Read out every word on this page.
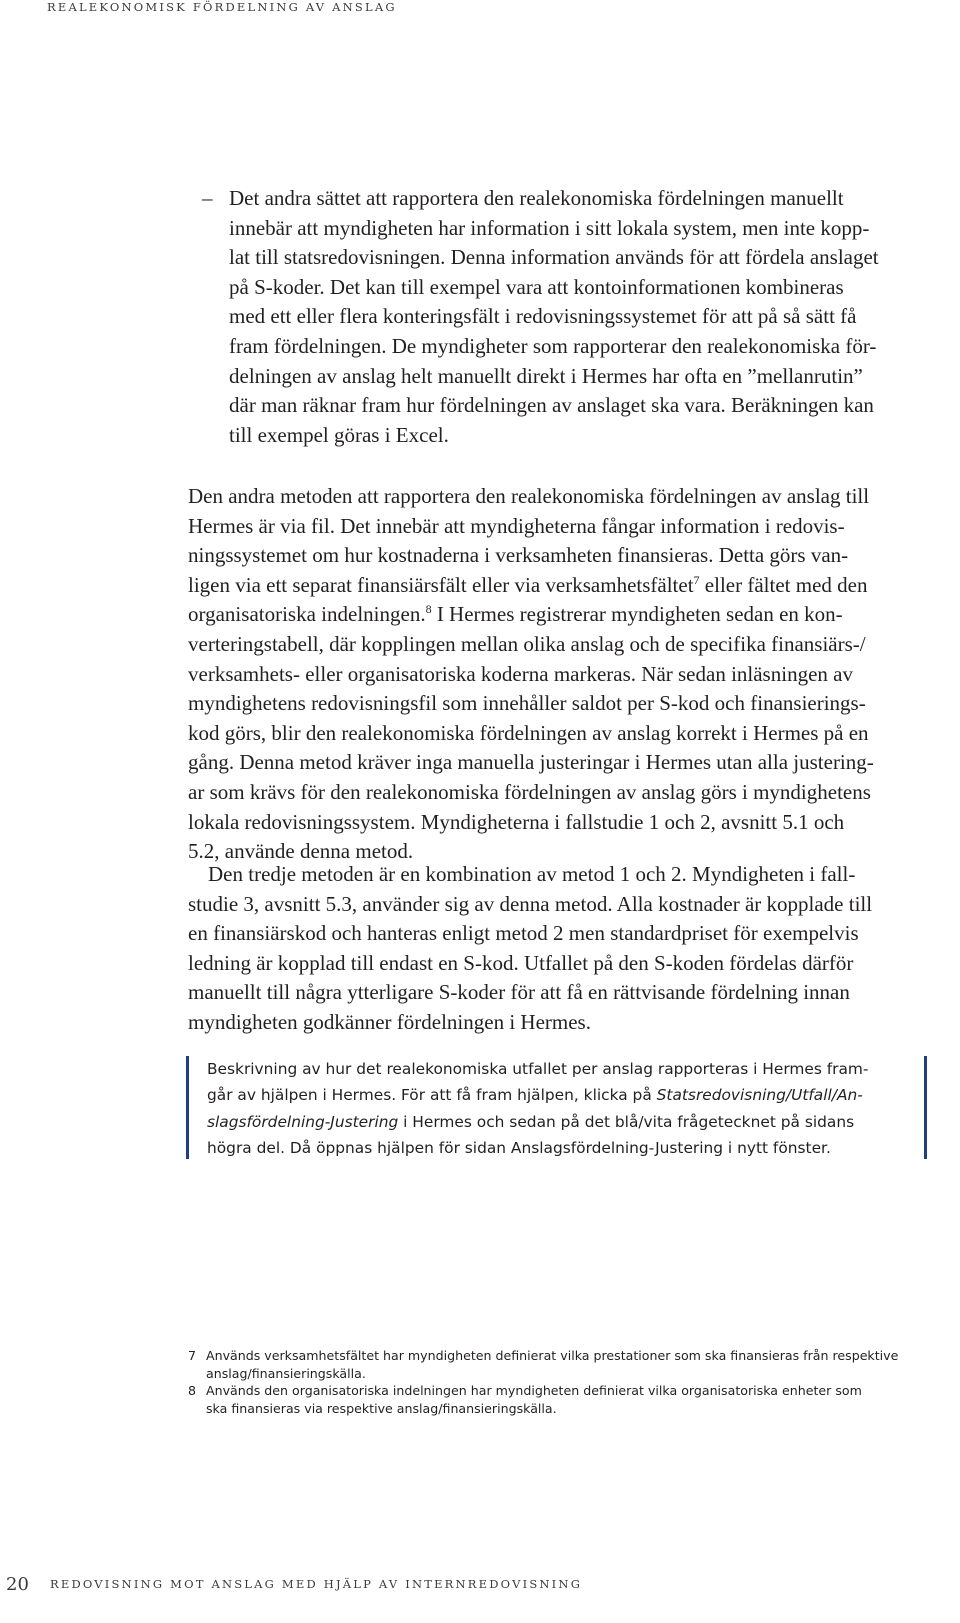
REALEKONOMISK FÖRDELNING AV ANSLAG
– Det andra sättet att rapportera den realekonomiska fördelningen manuellt
innebär att myndigheten har information i sitt lokala system, men inte kopp-
lat till statsredovisningen. Denna information används för att fördela anslaget
på S-koder. Det kan till exempel vara att kontoinformationen kombineras
med ett eller flera konteringsfält i redovisningssystemet för att på så sätt få
fram fördelningen. De myndigheter som rapporterar den realekonomiska för-
delningen av anslag helt manuellt direkt i Hermes har ofta en ”mellanrutin”
där man räknar fram hur fördelningen av anslaget ska vara. Beräkningen kan
till exempel göras i Excel.
Den andra metoden att rapportera den realekonomiska fördelningen av anslag till
Hermes är via fil. Det innebär att myndigheterna fångar information i redovis-
ningssystemet om hur kostnaderna i verksamheten finansieras. Detta görs van-
ligen via ett separat finansiärsfält eller via verksamhetsfältet$^7$ eller fältet med den
organisatoriska indelningen.$^8$ I Hermes registrerar myndigheten sedan en kon-
verteringstabell, där kopplingen mellan olika anslag och de specifika finansiärs-/
verksamhets- eller organisatoriska koderna markeras. När sedan inläsningen av
myndighetens redovisningsfil som innehåller saldot per S-kod och finansierings-
kod görs, blir den realekonomiska fördelningen av anslag korrekt i Hermes på en
gång. Denna metod kräver inga manuella justeringar i Hermes utan alla justering-
ar som krävs för den realekonomiska fördelningen av anslag görs i myndighetens
lokala redovisningssystem. Myndigheterna i fallstudie 1 och 2, avsnitt 5.1 och
5.2, använde denna metod.
Den tredje metoden är en kombination av metod 1 och 2. Myndigheten i fall-
studie 3, avsnitt 5.3, använder sig av denna metod. Alla kostnader är kopplade till
en finansiärskod och hanteras enligt metod 2 men standardpriset för exempelvis
ledning är kopplad till endast en S-kod. Utfallet på den S-koden fördelas därför
manuellt till några ytterligare S-koder för att få en rättvisande fördelning innan
myndigheten godkänner fördelningen i Hermes.
Beskrivning av hur det realekonomiska utfallet per anslag rapporteras i Hermes fram-
går av hjälpen i Hermes. För att få fram hjälpen, klicka på Statsredovisning/Utfall/An-
slagsfördelning-Justering i Hermes och sedan på det blå/vita frågetecknet på sidans
högra del. Då öppnas hjälpen för sidan Anslagsfördelning-Justering i nytt fönster.
7 Används verksamhetsfältet har myndigheten definierat vilka prestationer som ska finansieras från respektive
anslag/finansieringskälla.
8 Används den organisatoriska indelningen har myndigheten definierat vilka organisatoriska enheter som
ska finansieras via respektive anslag/finansieringskälla.
20 REDOVISNING MOT ANSLAG MED HJÄLP AV INTERNREDOVISNING
